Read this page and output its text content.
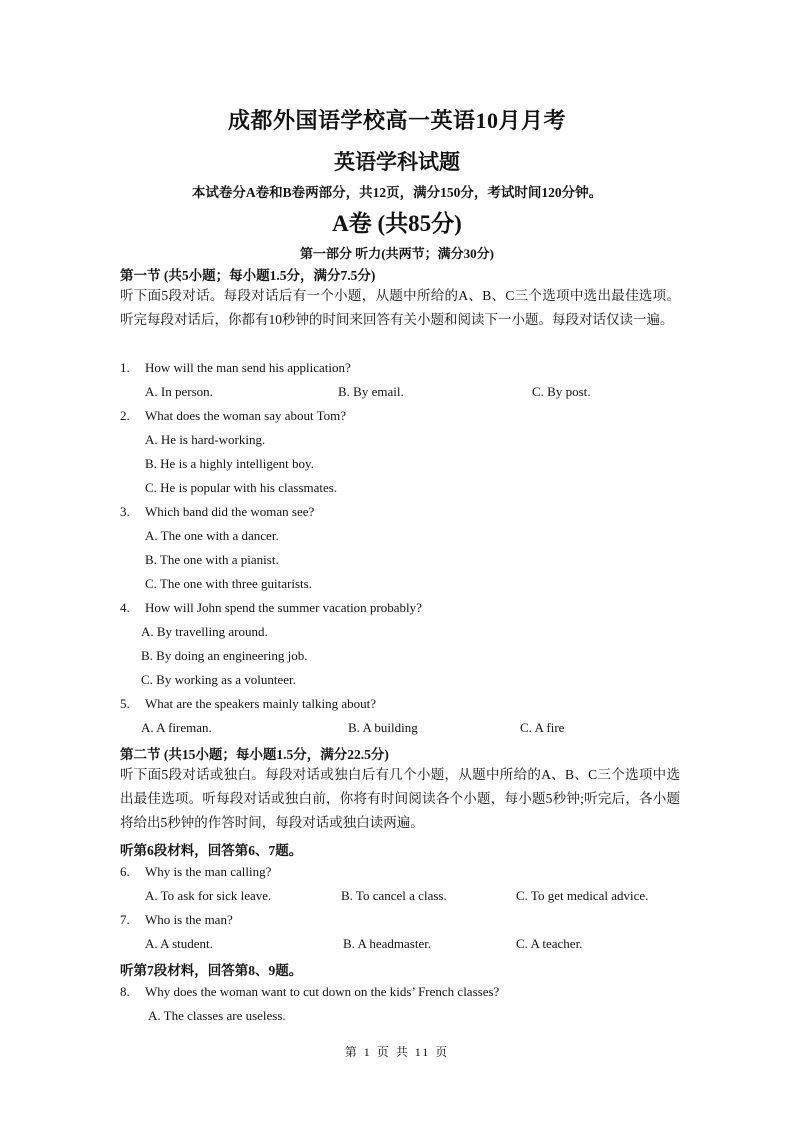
成都外国语学校高一英语10月月考
英语学科试题
本试卷分A卷和B卷两部分，共12页，满分150分，考试时间120分钟。
A卷 (共85分)
第一部分 听力(共两节；满分30分)
第一节 (共5小题；每小题1.5分，满分7.5分)
听下面5段对话。每段对话后有一个小题，从题中所给的A、B、C三个选项中选出最佳选项。听完每段对话后，你都有10秒钟的时间来回答有关小题和阅读下一小题。每段对话仅读一遍。
1. How will the man send his application?
A. In person.	B. By email.	C. By post.
2. What does the woman say about Tom?
A. He is hard-working.
B. He is a highly intelligent boy.
C. He is popular with his classmates.
3. Which band did the woman see?
A. The one with a dancer.
B. The one with a pianist.
C. The one with three guitarists.
4. How will John spend the summer vacation probably?
A. By travelling around.
B. By doing an engineering job.
C. By working as a volunteer.
5. What are the speakers mainly talking about?
A. A fireman.	B. A building	C. A fire
第二节 (共15小题；每小题1.5分，满分22.5分)
听下面5段对话或独白。每段对话或独白后有几个小题，从题中所给的A、B、C三个选项中选出最佳选项。听每段对话或独白前，你将有时间阅读各个小题，每小题5秒钟;听完后，各小题将给出5秒钟的作答时间，每段对话或独白读两遍。
听第6段材料，回答第6、7题。
6. Why is the man calling?
A. To ask for sick leave.	B. To cancel a class.	C. To get medical advice.
7. Who is the man?
A. A student.	B. A headmaster.	C. A teacher.
听第7段材料，回答第8、9题。
8. Why does the woman want to cut down on the kids’ French classes?
A. The classes are useless.
第 1 页 共 11 页
